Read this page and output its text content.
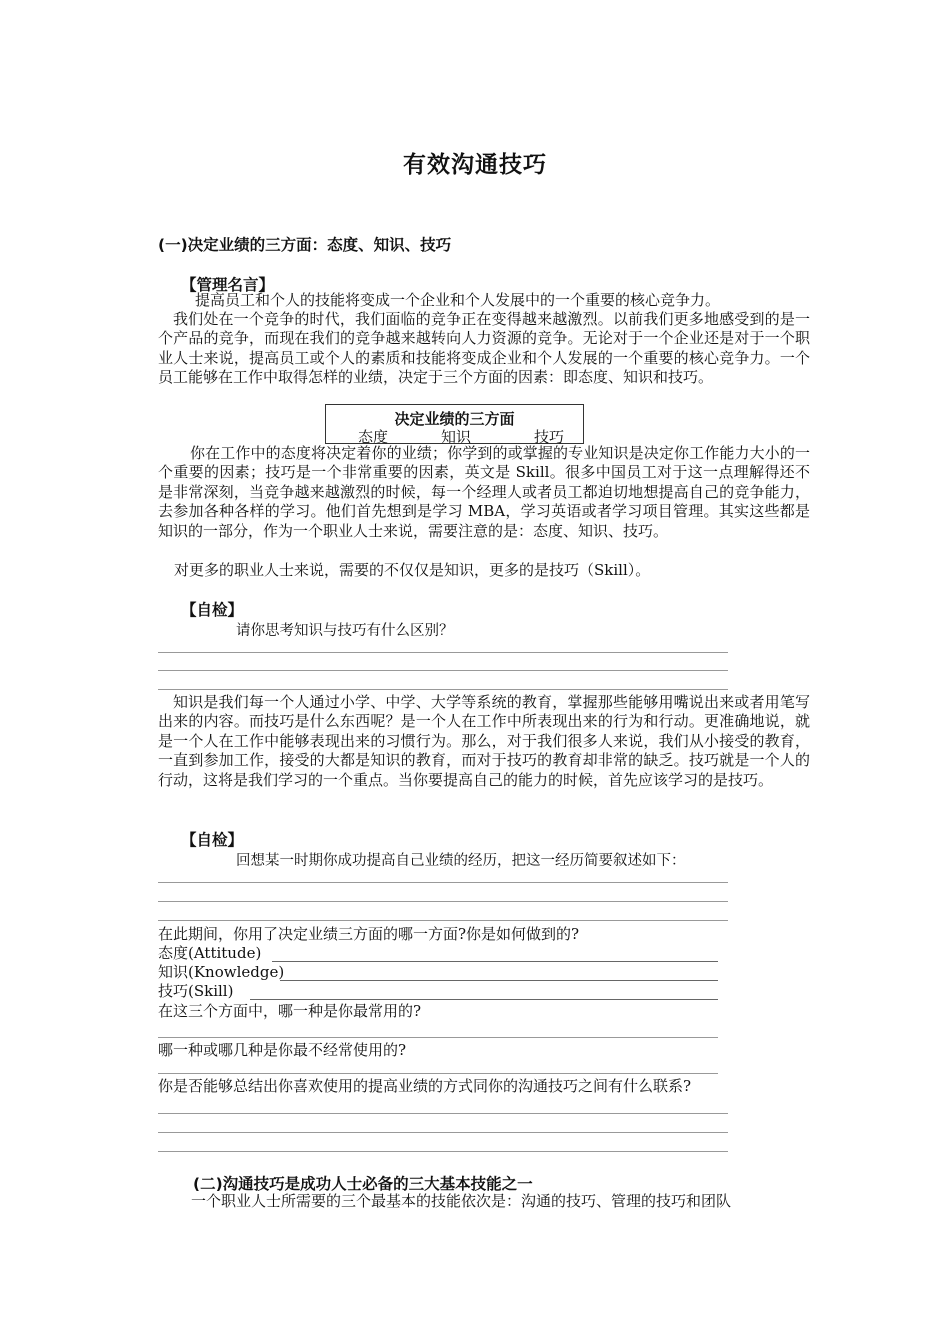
有效沟通技巧
(一)决定业绩的三方面：态度、知识、技巧
【管理名言】
提高员工和个人的技能将变成一个企业和个人发展中的一个重要的核心竞争力。
我们处在一个竞争的时代，我们面临的竞争正在变得越来越激烈。以前我们更多地感受到的是一个产品的竞争，而现在我们的竞争越来越转向人力资源的竞争。无论对于一个企业还是对于一个职业人士来说，提高员工或个人的素质和技能将变成企业和个人发展的一个重要的核心竞争力。一个员工能够在工作中取得怎样的业绩，决定于三个方面的因素：即态度、知识和技巧。
决定业绩的三方面
态度	知识	技巧
你在工作中的态度将决定着你的业绩；你学到的或掌握的专业知识是决定你工作能力大小的一个重要的因素；技巧是一个非常重要的因素，英文是 Skill。很多中国员工对于这一点理解得还不是非常深刻，当竞争越来越激烈的时候，每一个经理人或者员工都迫切地想提高自己的竞争能力，去参加各种各样的学习。他们首先想到是学习 MBA，学习英语或者学习项目管理。其实这些都是知识的一部分，作为一个职业人士来说，需要注意的是：态度、知识、技巧。
对更多的职业人士来说，需要的不仅仅是知识，更多的是技巧（Skill）。
【自检】
请你思考知识与技巧有什么区别？
知识是我们每一个人通过小学、中学、大学等系统的教育，掌握那些能够用嘴说出来或者用笔写出来的内容。而技巧是什么东西呢？是一个人在工作中所表现出来的行为和行动。更准确地说，就是一个人在工作中能够表现出来的习惯行为。那么，对于我们很多人来说，我们从小接受的教育，一直到参加工作，接受的大都是知识的教育，而对于技巧的教育却非常的缺乏。技巧就是一个人的行动，这将是我们学习的一个重点。当你要提高自己的能力的时候，首先应该学习的是技巧。
【自检】
回想某一时期你成功提高自己业绩的经历，把这一经历简要叙述如下：
在此期间，你用了决定业绩三方面的哪一方面?你是如何做到的?
态度(Attitude)
知识(Knowledge)
技巧(Skill)
在这三个方面中，哪一种是你最常用的?
哪一种或哪几种是你最不经常使用的?
你是否能够总结出你喜欢使用的提高业绩的方式同你的沟通技巧之间有什么联系?
(二)沟通技巧是成功人士必备的三大基本技能之一
一个职业人士所需要的三个最基本的技能依次是：沟通的技巧、管理的技巧和团队
